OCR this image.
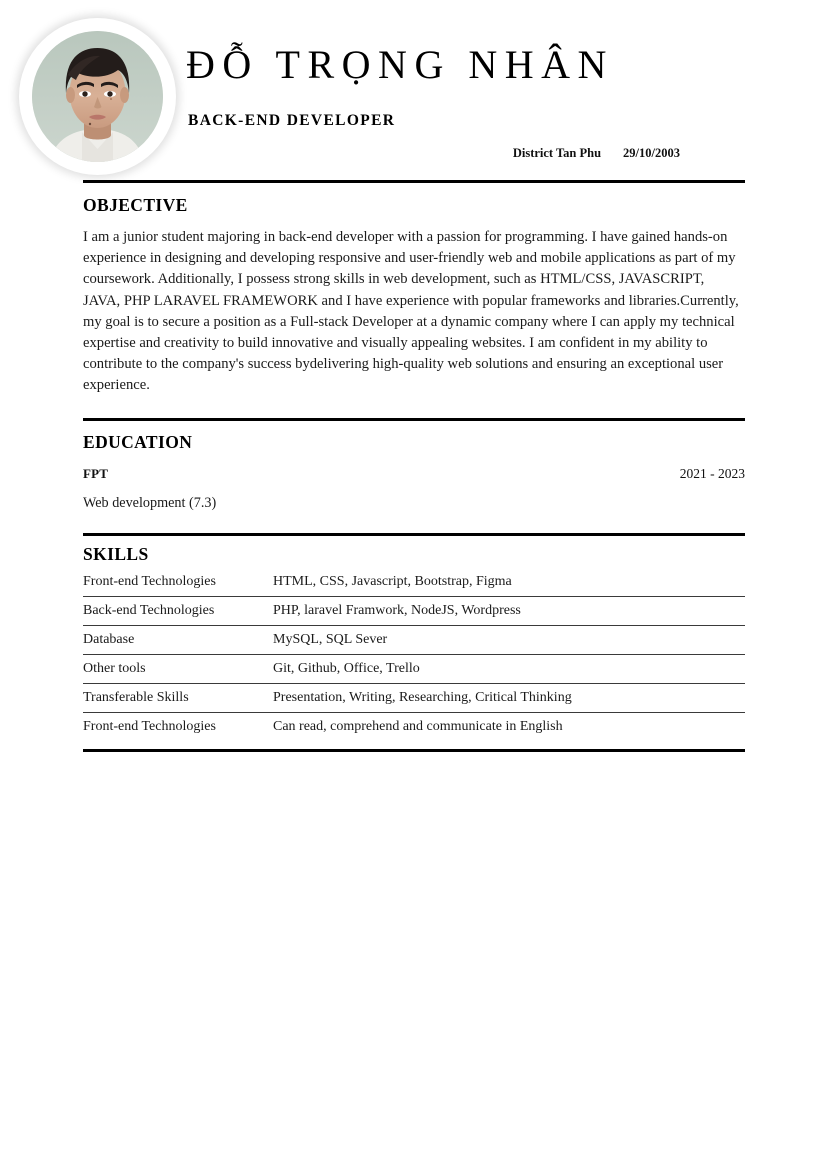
ĐỖ TRỌNG NHÂN
BACK-END DEVELOPER
District Tan Phu 29/10/2003
OBJECTIVE
I am a junior student majoring in back-end developer with a passion for programming. I have gained hands-on experience in designing and developing responsive and user-friendly web and mobile applications as part of my coursework. Additionally, I possess strong skills in web development, such as HTML/CSS, JAVASCRIPT, JAVA, PHP LARAVEL FRAMEWORK and I have experience with popular frameworks and libraries.Currently, my goal is to secure a position as a Full-stack Developer at a dynamic company where I can apply my technical expertise and creativity to build innovative and visually appealing websites. I am confident in my ability to contribute to the company's success bydelivering high-quality web solutions and ensuring an exceptional user experience.
EDUCATION
FPT	2021 - 2023
Web development (7.3)
SKILLS
Front-end Technologies	HTML, CSS, Javascript, Bootstrap, Figma
Back-end Technologies	PHP, laravel Framwork, NodeJS, Wordpress
Database	MySQL, SQL Sever
Other tools	Git, Github, Office, Trello
Transferable Skills	Presentation, Writing, Researching, Critical Thinking
Front-end Technologies	Can read, comprehend and communicate in English
